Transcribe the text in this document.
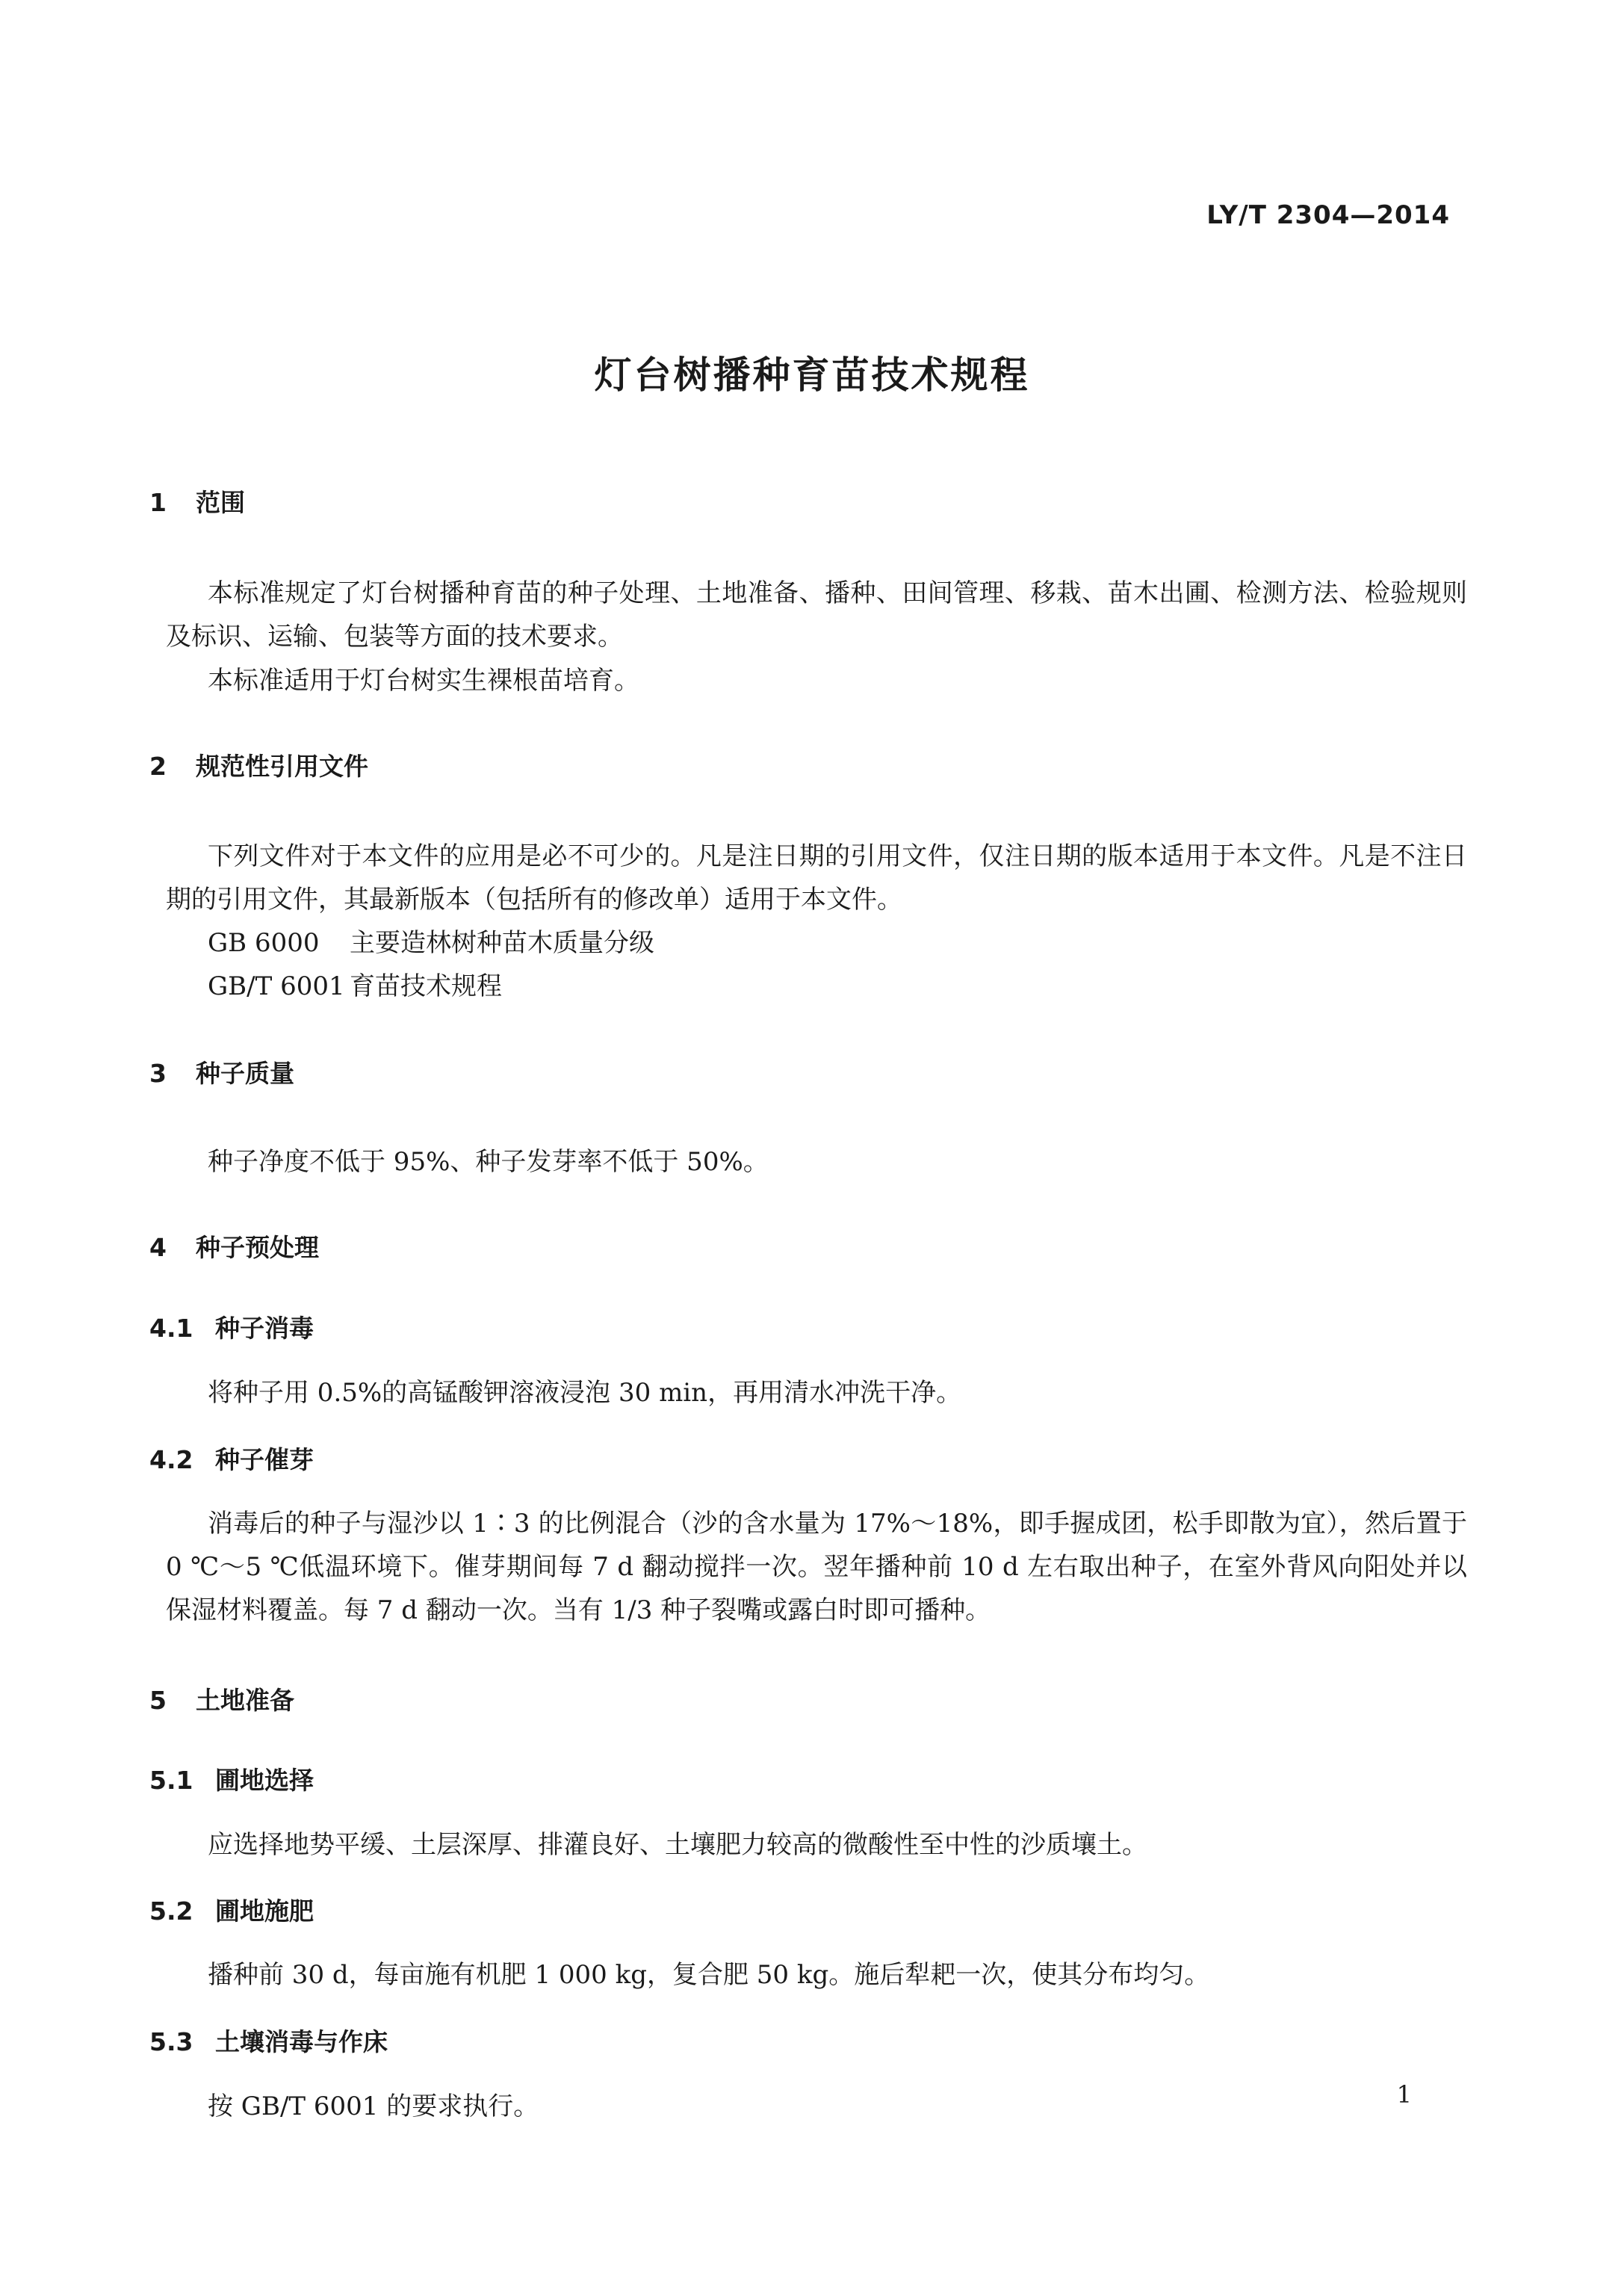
LY/T 2304—2014
灯台树播种育苗技术规程
1 范围
本标准规定了灯台树播种育苗的种子处理、土地准备、播种、田间管理、移栽、苗木出圃、检测方法、检验规则及标识、运输、包装等方面的技术要求。
本标准适用于灯台树实生裸根苗培育。
2 规范性引用文件
下列文件对于本文件的应用是必不可少的。凡是注日期的引用文件，仅注日期的版本适用于本文件。凡是不注日期的引用文件，其最新版本（包括所有的修改单）适用于本文件。
GB 6000 主要造林树种苗木质量分级
GB/T 6001 育苗技术规程
3 种子质量
种子净度不低于 95%、种子发芽率不低于 50%。
4 种子预处理
4.1 种子消毒
将种子用 0.5%的高锰酸钾溶液浸泡 30 min，再用清水冲洗干净。
4.2 种子催芽
消毒后的种子与湿沙以 1∶3 的比例混合（沙的含水量为 17%～18%，即手握成团，松手即散为宜），然后置于 0 ℃～5 ℃低温环境下。催芽期间每 7 d 翻动搅拌一次。翌年播种前 10 d 左右取出种子，在室外背风向阳处并以保湿材料覆盖。每 7 d 翻动一次。当有 1/3 种子裂嘴或露白时即可播种。
5 土地准备
5.1 圃地选择
应选择地势平缓、土层深厚、排灌良好、土壤肥力较高的微酸性至中性的沙质壤土。
5.2 圃地施肥
播种前 30 d，每亩施有机肥 1 000 kg，复合肥 50 kg。施后犁耙一次，使其分布均匀。
5.3 土壤消毒与作床
按 GB/T 6001 的要求执行。	1
